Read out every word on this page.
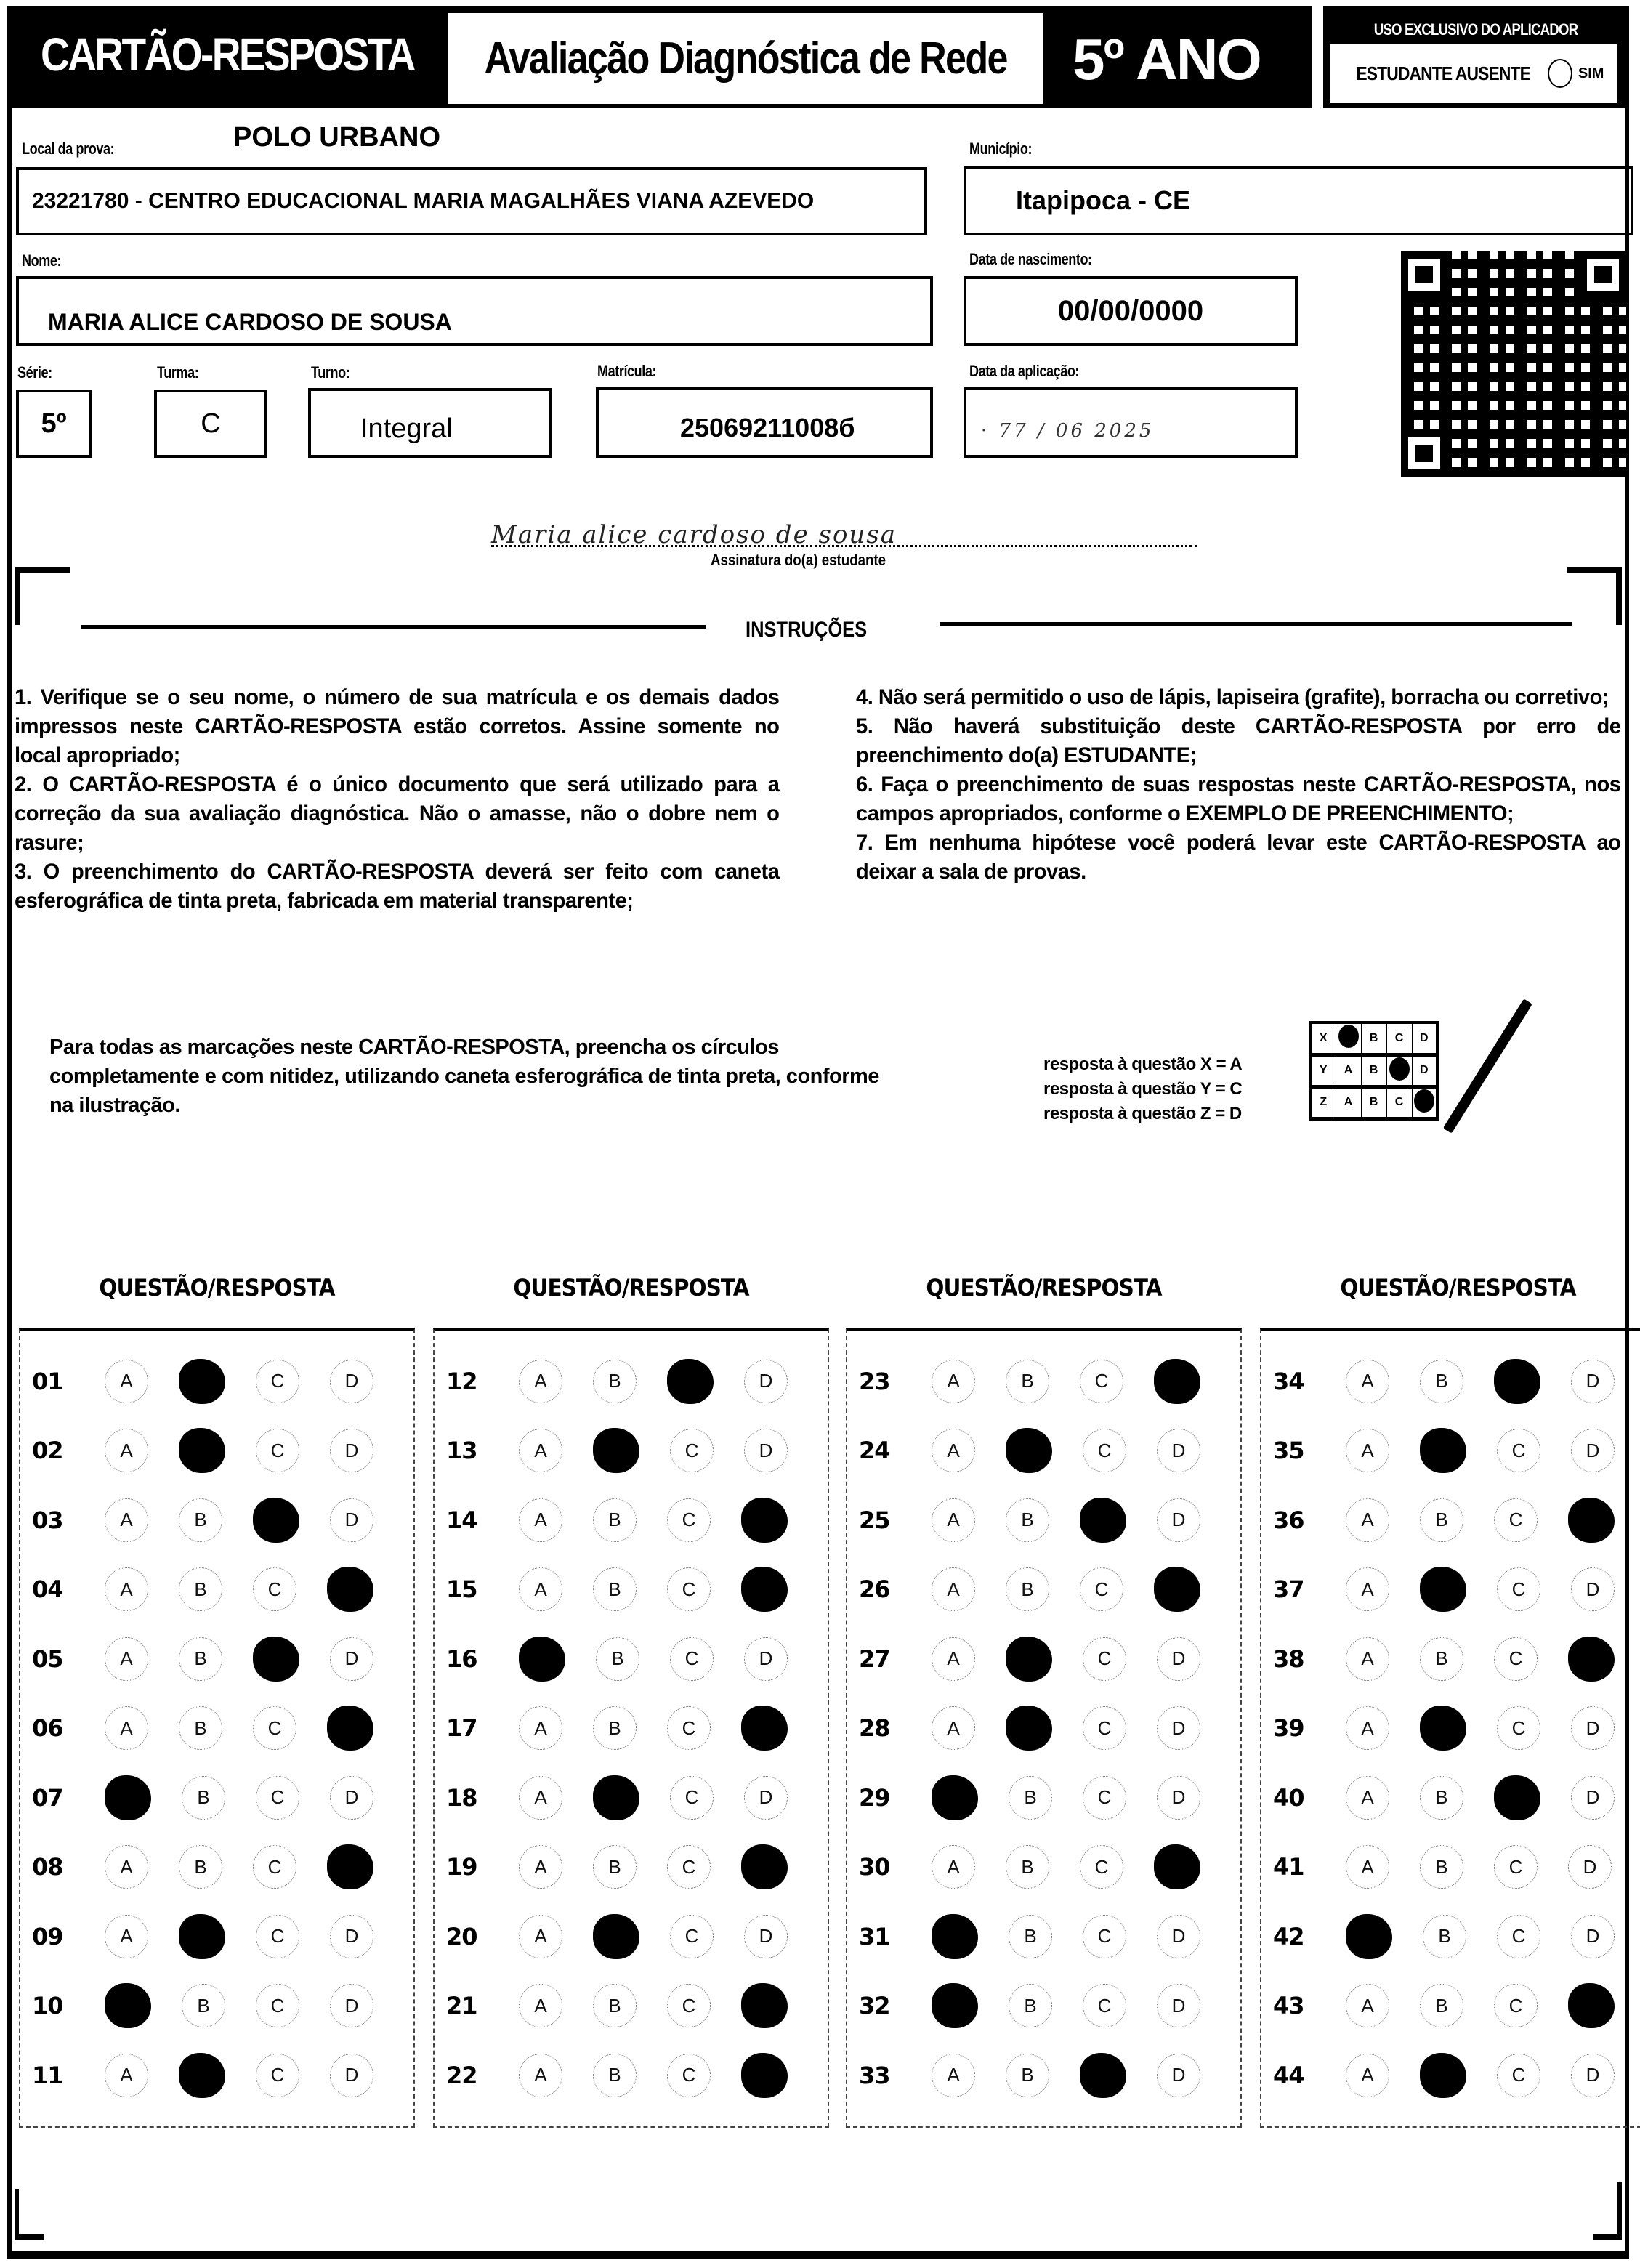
CARTÃO-RESPOSTA Avaliação Diagnóstica de Rede 5º ANO	USO EXCLUSIVO DO APLICADOR
ESTUDANTE AUSENTE	SIM
Local da prova:	POLO URBANO
23221780 - CENTRO EDUCACIONAL MARIA MAGALHÃES VIANA AZEVEDO
Município:
Itapipoca - CE
Nome:
MARIA ALICE CARDOSO DE SOUSA
Data de nascimento:
00/00/0000
Série:
5º
Turma:
C
Turno:
Integral
Matrícula:
25069211008б
Data da aplicação:
· 77 / 06 2025
Maria alice cardoso de sousa
Assinatura do(a) estudante
INSTRUÇÕES

1. Verifique se o seu nome, o número de sua matrícula e os demais dados impressos neste CARTÃO-RESPOSTA estão corretos. Assine somente no local apropriado;

2. O CARTÃO-RESPOSTA é o único documento que será utilizado para a correção da sua avaliação diagnóstica. Não o amasse, não o dobre nem o rasure;

3. O preenchimento do CARTÃO-RESPOSTA deverá ser feito com caneta esferográfica de tinta preta, fabricada em material transparente;

4. Não será permitido o uso de lápis, lapiseira (grafite), borracha ou corretivo;

5. Não haverá substituição deste CARTÃO-RESPOSTA por erro de preenchimento do(a) ESTUDANTE;

6. Faça o preenchimento de suas respostas neste CARTÃO-RESPOSTA, nos campos apropriados, conforme o EXEMPLO DE PREENCHIMENTO;

7. Em nenhuma hipótese você poderá levar este CARTÃO-RESPOSTA ao deixar a sala de provas.

Para todas as marcações neste CARTÃO-RESPOSTA, preencha os círculos completamente e com nitidez, utilizando caneta esferográfica de tinta preta, conforme na ilustração.
resposta à questão X = A
resposta à questão Y = C
resposta à questão Z = D
X		B	C	D
Y	A	B		D
Z	A	B	C	
QUESTÃO/RESPOSTA
01	A	C	D
02	A	C	D
03	A	B	D
04	A	B	C
05	A	B	D
06	A	B	C
07	B	C	D
08	A	B	C
09	A	C	D
10	B	C	D
11	A	C	D
QUESTÃO/RESPOSTA
12	A	B	D
13	A	C	D
14	A	B	C
15	A	B	C
16	B	C	D
17	A	B	C
18	A	C	D
19	A	B	C
20	A	C	D
21	A	B	C
22	A	B	C
QUESTÃO/RESPOSTA
23	A	B	C
24	A	C	D
25	A	B	D
26	A	B	C
27	A	C	D
28	A	C	D
29	B	C	D
30	A	B	C
31	B	C	D
32	B	C	D
33	A	B	D
QUESTÃO/RESPOSTA
34	A	B	D
35	A	C	D
36	A	B	C
37	A	C	D
38	A	B	C
39	A	C	D
40	A	B	D
41	A	B	C	D
42	B	C	D
43	A	B	C
44	A	C	D
